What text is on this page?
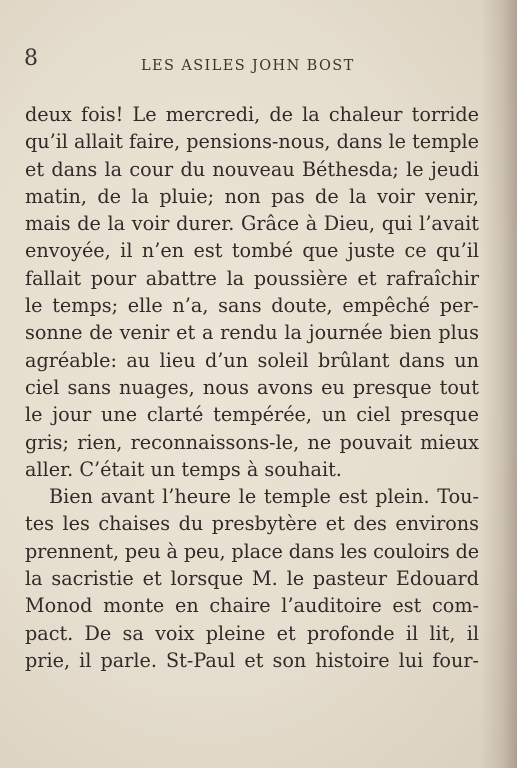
8	LES ASILES JOHN BOST
deux fois! Le mercredi, de la chaleur torride
qu’il allait faire, pensions-nous, dans le temple
et dans la cour du nouveau Béthesda; le jeudi
matin, de la pluie; non pas de la voir venir,
mais de la voir durer. Grâce à Dieu, qui l’avait
envoyée, il n’en est tombé que juste ce qu’il
fallait pour abattre la poussière et rafraîchir
le temps; elle n’a, sans doute, empêché per-
sonne de venir et a rendu la journée bien plus
agréable: au lieu d’un soleil brûlant dans un
ciel sans nuages, nous avons eu presque tout
le jour une clarté tempérée, un ciel presque
gris; rien, reconnaissons-le, ne pouvait mieux
aller. C’était un temps à souhait.
Bien avant l’heure le temple est plein. Tou-
tes les chaises du presbytère et des environs
prennent, peu à peu, place dans les couloirs de
la sacristie et lorsque M. le pasteur Edouard
Monod monte en chaire l’auditoire est com-
pact. De sa voix pleine et profonde il lit, il
prie, il parle. St-Paul et son histoire lui four-
